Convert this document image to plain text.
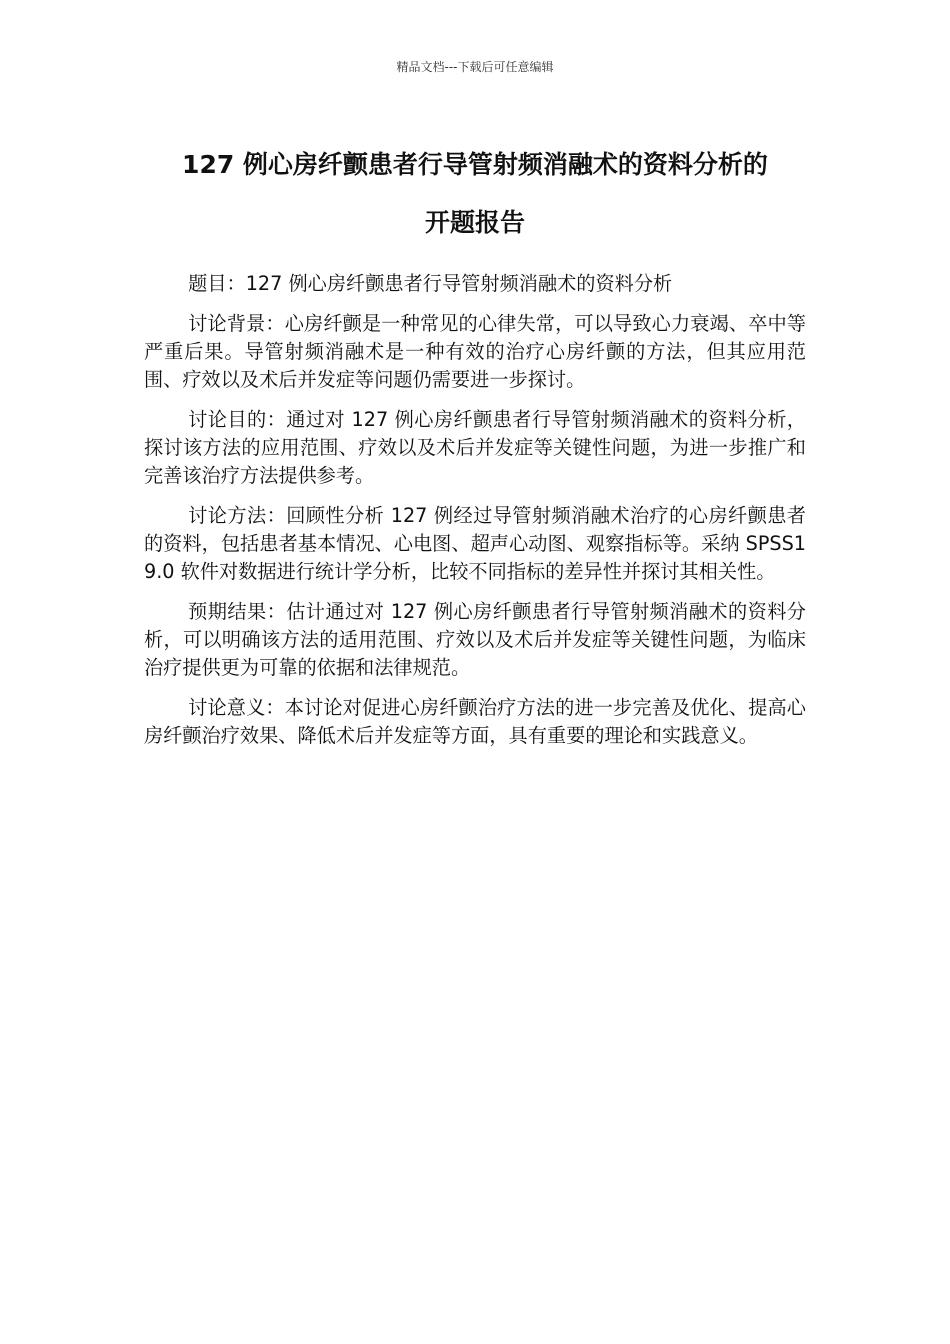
精品文档---下载后可任意编辑
127 例心房纤颤患者行导管射频消融术的资料分析的
开题报告

题目：127 例心房纤颤患者行导管射频消融术的资料分析

讨论背景：心房纤颤是一种常见的心律失常，可以导致心力衰竭、卒中等严重后果。导管射频消融术是一种有效的治疗心房纤颤的方法，但其应用范围、疗效以及术后并发症等问题仍需要进一步探讨。

讨论目的：通过对 127 例心房纤颤患者行导管射频消融术的资料分析，探讨该方法的应用范围、疗效以及术后并发症等关键性问题，为进一步推广和完善该治疗方法提供参考。

讨论方法：回顾性分析 127 例经过导管射频消融术治疗的心房纤颤患者的资料，包括患者基本情况、心电图、超声心动图、观察指标等。采纳 SPSS19.0 软件对数据进行统计学分析，比较不同指标的差异性并探讨其相关性。

预期结果：估计通过对 127 例心房纤颤患者行导管射频消融术的资料分析，可以明确该方法的适用范围、疗效以及术后并发症等关键性问题，为临床治疗提供更为可靠的依据和法律规范。

讨论意义：本讨论对促进心房纤颤治疗方法的进一步完善及优化、提高心房纤颤治疗效果、降低术后并发症等方面，具有重要的理论和实践意义。
